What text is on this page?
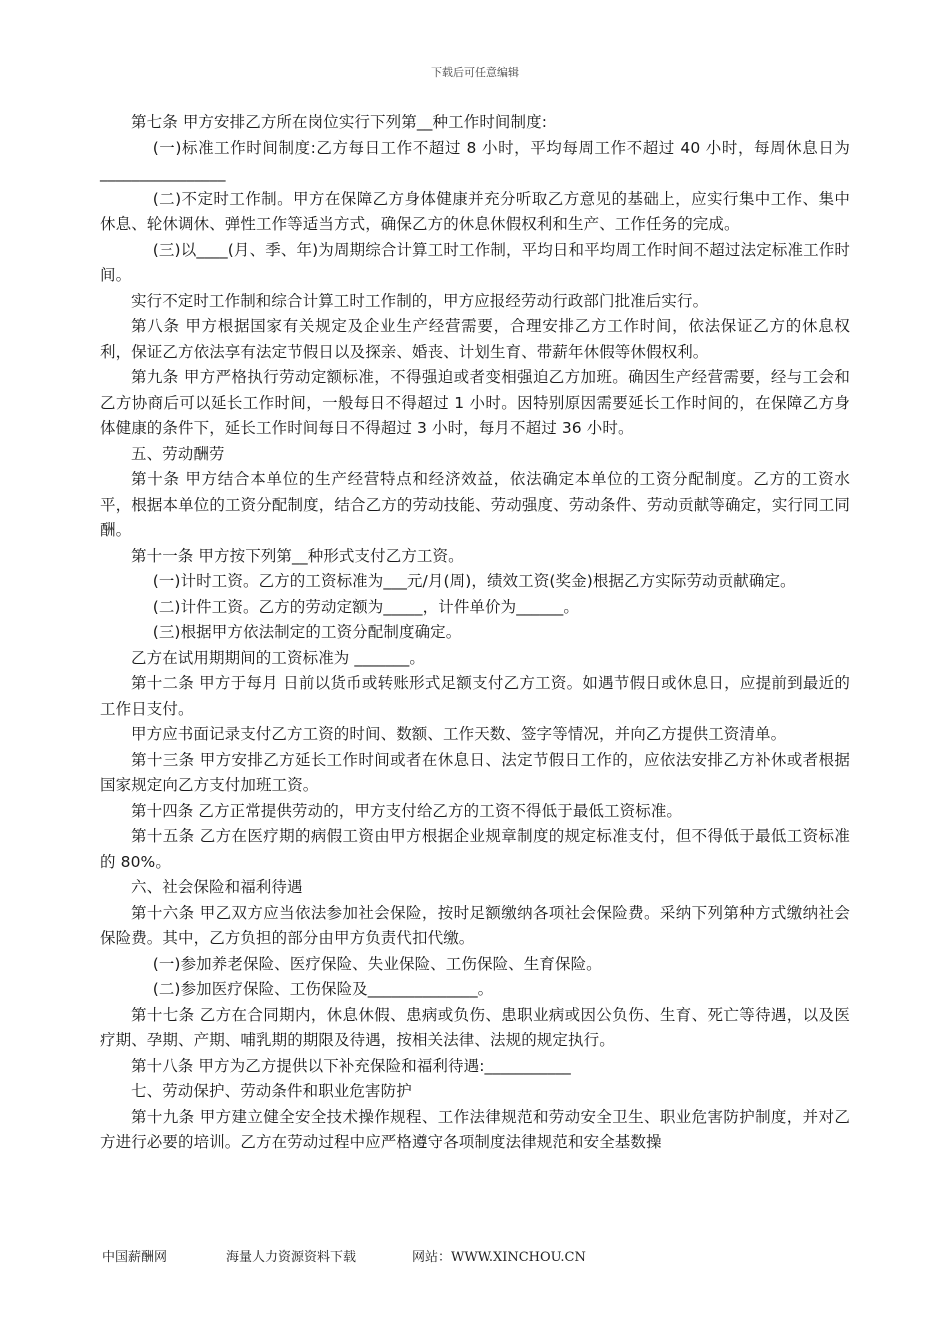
下载后可任意编辑

第七条 甲方安排乙方所在岗位实行下列第__种工作时间制度:

(一)标准工作时间制度:乙方每日工作不超过 8 小时，平均每周工作不超过 40 小时，每周休息日为________________

(二)不定时工作制。甲方在保障乙方身体健康并充分听取乙方意见的基础上，应实行集中工作、集中休息、轮休调休、弹性工作等适当方式，确保乙方的休息休假权利和生产、工作任务的完成。

(三)以____(月、季、年)为周期综合计算工时工作制，平均日和平均周工作时间不超过法定标准工作时间。

实行不定时工作制和综合计算工时工作制的，甲方应报经劳动行政部门批准后实行。

第八条 甲方根据国家有关规定及企业生产经营需要，合理安排乙方工作时间，依法保证乙方的休息权利，保证乙方依法享有法定节假日以及探亲、婚丧、计划生育、带薪年休假等休假权利。

第九条 甲方严格执行劳动定额标准，不得强迫或者变相强迫乙方加班。确因生产经营需要，经与工会和乙方协商后可以延长工作时间，一般每日不得超过 1 小时。因特别原因需要延长工作时间的，在保障乙方身体健康的条件下，延长工作时间每日不得超过 3 小时，每月不超过 36 小时。

五、劳动酬劳

第十条 甲方结合本单位的生产经营特点和经济效益，依法确定本单位的工资分配制度。乙方的工资水平，根据本单位的工资分配制度，结合乙方的劳动技能、劳动强度、劳动条件、劳动贡献等确定，实行同工同酬。

第十一条 甲方按下列第__种形式支付乙方工资。

(一)计时工资。乙方的工资标准为___元/月(周)，绩效工资(奖金)根据乙方实际劳动贡献确定。

(二)计件工资。乙方的劳动定额为_____，计件单价为______。

(三)根据甲方依法制定的工资分配制度确定。

乙方在试用期期间的工资标准为 _______。

第十二条 甲方于每月 日前以货币或转账形式足额支付乙方工资。如遇节假日或休息日，应提前到最近的工作日支付。

甲方应书面记录支付乙方工资的时间、数额、工作天数、签字等情况，并向乙方提供工资清单。

第十三条 甲方安排乙方延长工作时间或者在休息日、法定节假日工作的，应依法安排乙方补休或者根据国家规定向乙方支付加班工资。

第十四条 乙方正常提供劳动的，甲方支付给乙方的工资不得低于最低工资标准。

第十五条 乙方在医疗期的病假工资由甲方根据企业规章制度的规定标准支付，但不得低于最低工资标准的 80%。

六、社会保险和福利待遇

第十六条 甲乙双方应当依法参加社会保险，按时足额缴纳各项社会保险费。采纳下列第种方式缴纳社会保险费。其中，乙方负担的部分由甲方负责代扣代缴。

(一)参加养老保险、医疗保险、失业保险、工伤保险、生育保险。

(二)参加医疗保险、工伤保险及______________。

第十七条 乙方在合同期内，休息休假、患病或负伤、患职业病或因公负伤、生育、死亡等待遇，以及医疗期、孕期、产期、哺乳期的期限及待遇，按相关法律、法规的规定执行。

第十八条 甲方为乙方提供以下补充保险和福利待遇:___________

七、劳动保护、劳动条件和职业危害防护

第十九条 甲方建立健全安全技术操作规程、工作法律规范和劳动安全卫生、职业危害防护制度，并对乙方进行必要的培训。乙方在劳动过程中应严格遵守各项制度法律规范和安全基数操

中国薪酬网	海量人力资源资料下载	网站：WWW.XINCHOU.CN
